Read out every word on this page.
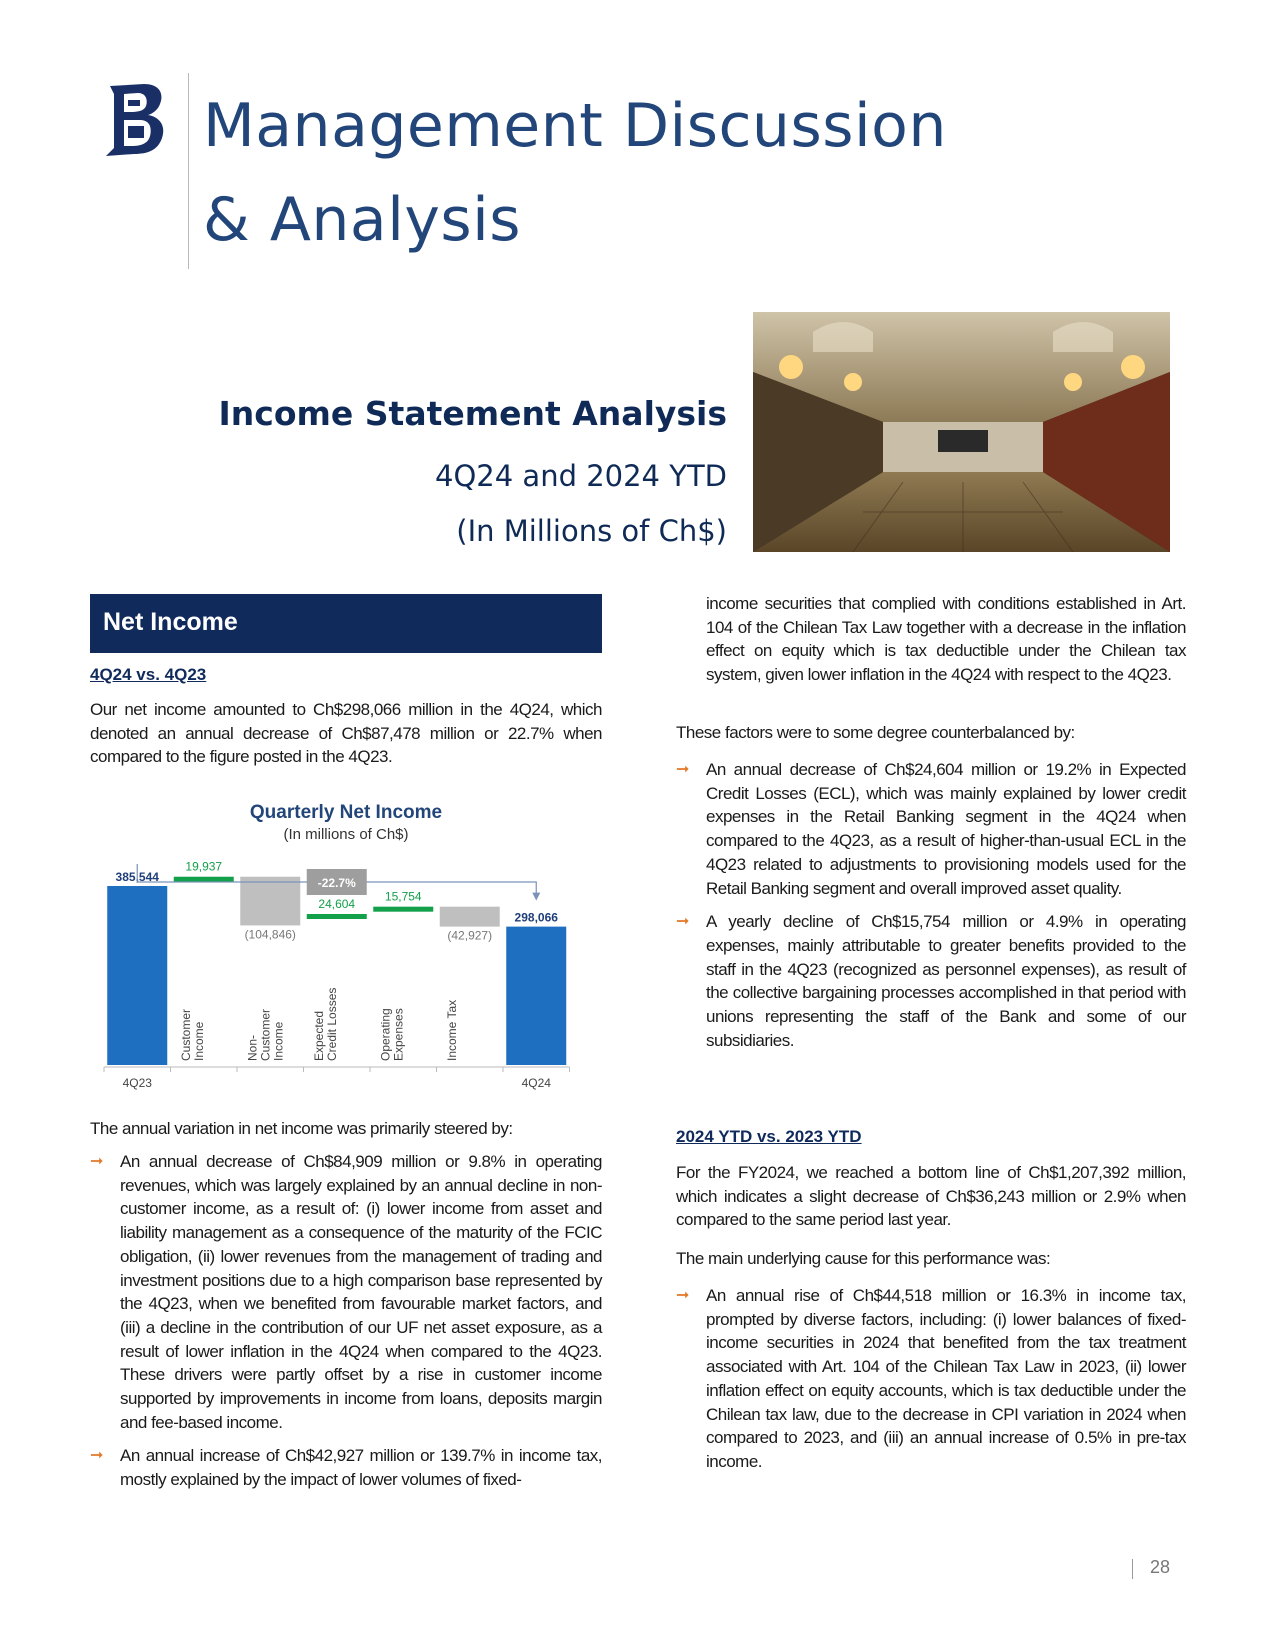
Management Discussion
& Analysis
Income Statement Analysis
4Q24 and 2024 YTD
(In Millions of Ch$)
Net Income
4Q24 vs. 4Q23

Our net income amounted to Ch$298,066 million in the 4Q24, which denoted an annual decrease of Ch$87,478 million or 22.7% when compared to the figure posted in the 4Q23.

Quarterly Net Income
(In millions of Ch$)
385,544
19,937
(104,846)
24,604
15,754
(42,927)
298,066
4Q23	4Q24
CustomerIncome	Non-CustomerIncome ExpectedCredit Losses	OperatingExpenses	Income Tax
-22.7%

The annual variation in net income was primarily steered by:

➞ An annual decrease of Ch$84,909 million or 9.8% in operating revenues, which was largely explained by an annual decline in non-customer income, as a result of: (i) lower income from asset and liability management as a consequence of the maturity of the FCIC obligation, (ii) lower revenues from the management of trading and investment positions due to a high comparison base represented by the 4Q23, when we benefited from favourable market factors, and (iii) a decline in the contribution of our UF net asset exposure, as a result of lower inflation in the 4Q24 when compared to the 4Q23. These drivers were partly offset by a rise in customer income supported by improvements in income from loans, deposits margin and fee-based income.

➞ An annual increase of Ch$42,927 million or 139.7% in income tax, mostly explained by the impact of lower volumes of fixed-

income securities that complied with conditions established in Art. 104 of the Chilean Tax Law together with a decrease in the inflation effect on equity which is tax deductible under the Chilean tax system, given lower inflation in the 4Q24 with respect to the 4Q23.

These factors were to some degree counterbalanced by:

➞ An annual decrease of Ch$24,604 million or 19.2% in Expected Credit Losses (ECL), which was mainly explained by lower credit expenses in the Retail Banking segment in the 4Q24 when compared to the 4Q23, as a result of higher-than-usual ECL in the 4Q23 related to adjustments to provisioning models used for the Retail Banking segment and overall improved asset quality.

➞ A yearly decline of Ch$15,754 million or 4.9% in operating expenses, mainly attributable to greater benefits provided to the staff in the 4Q23 (recognized as personnel expenses), as result of the collective bargaining processes accomplished in that period with unions representing the staff of the Bank and some of our subsidiaries.

2024 YTD vs. 2023 YTD

For the FY2024, we reached a bottom line of Ch$1,207,392 million, which indicates a slight decrease of Ch$36,243 million or 2.9% when compared to the same period last year.

The main underlying cause for this performance was:

➞ An annual rise of Ch$44,518 million or 16.3% in income tax, prompted by diverse factors, including: (i) lower balances of fixed-income securities in 2024 that benefited from the tax treatment associated with Art. 104 of the Chilean Tax Law in 2023, (ii) lower inflation effect on equity accounts, which is tax deductible under the Chilean tax law, due to the decrease in CPI variation in 2024 when compared to 2023, and (iii) an annual increase of 0.5% in pre-tax income.

28
